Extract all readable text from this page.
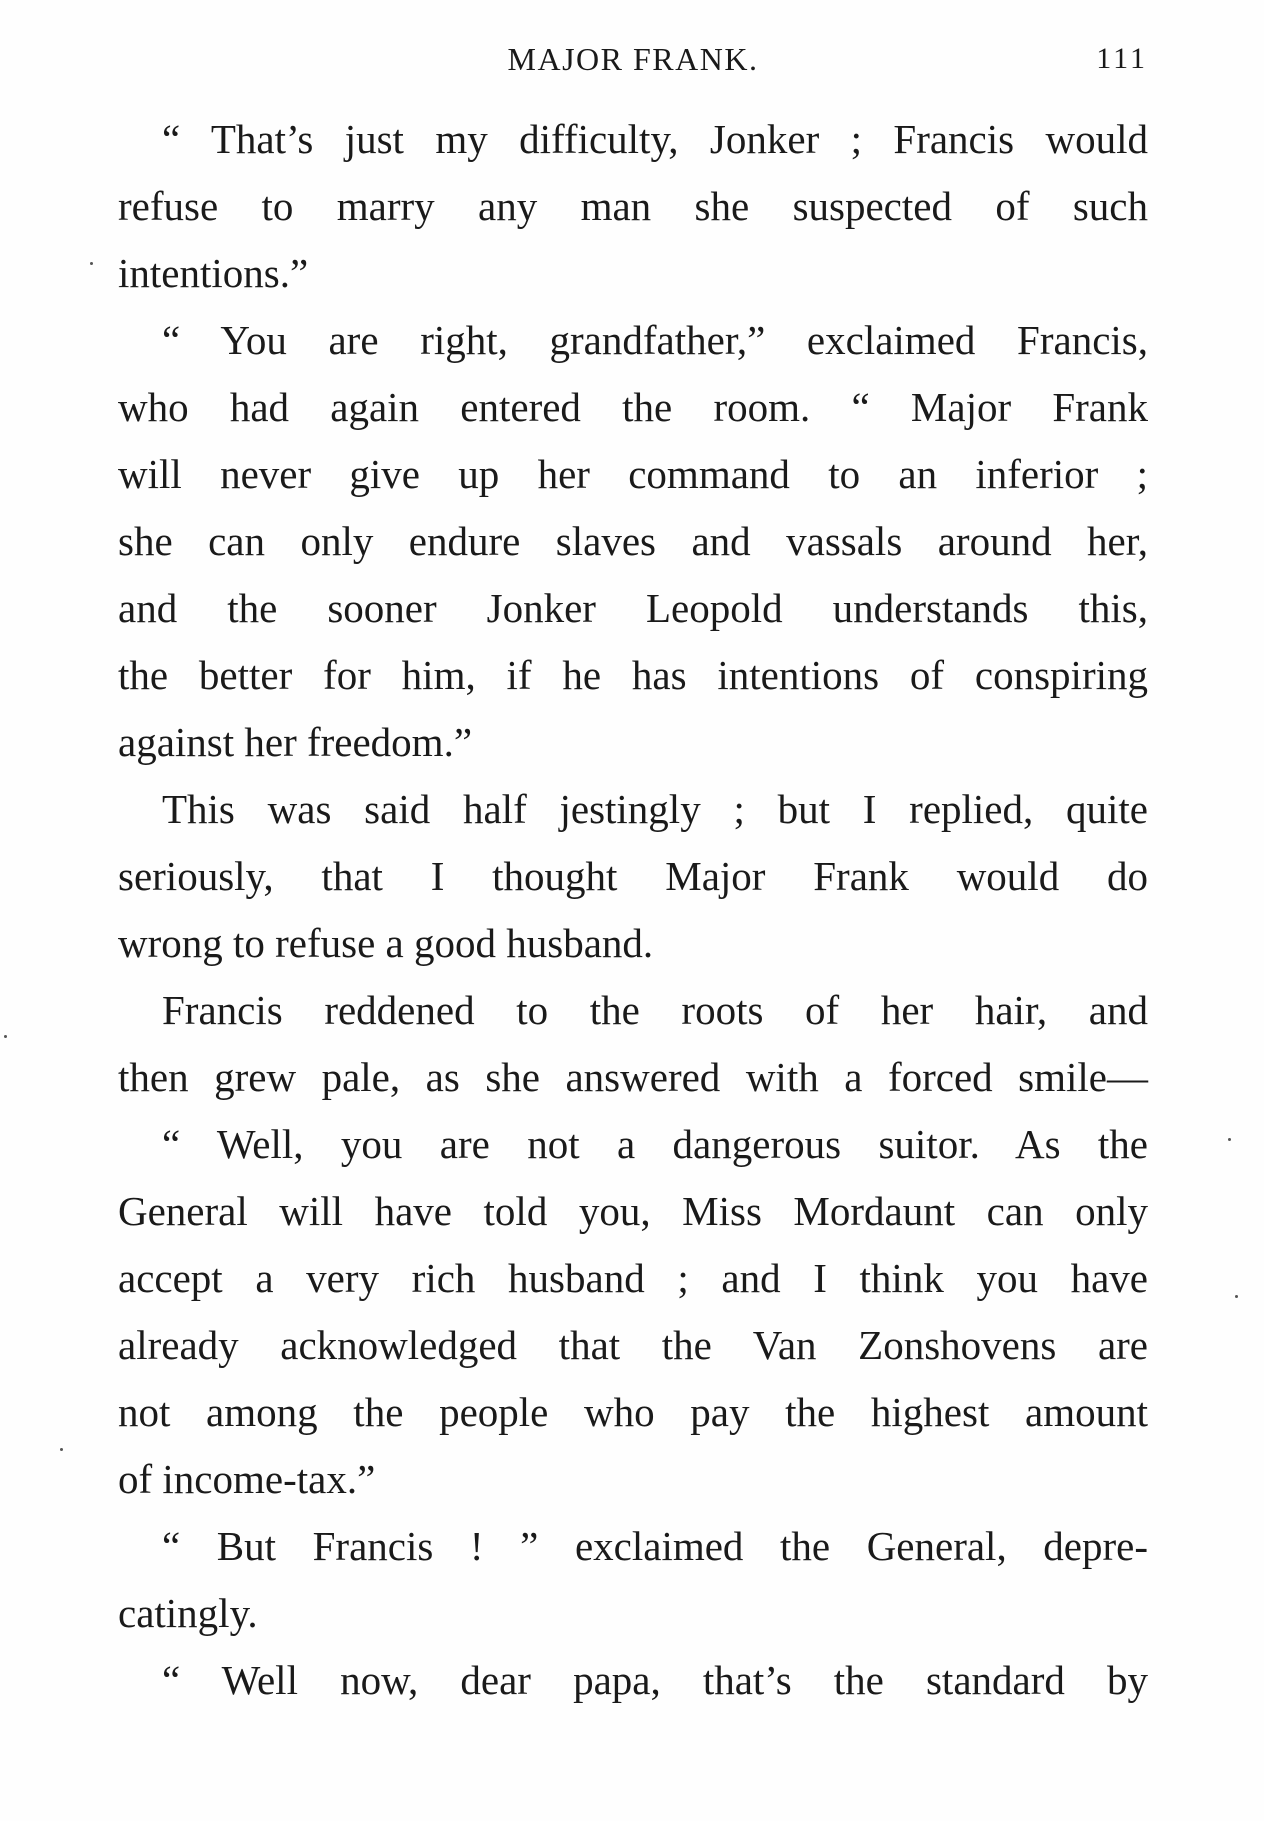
MAJOR FRANK.	111
“ That’s just my difficulty, Jonker ; Francis would
refuse to marry any man she suspected of such
intentions.”
“ You are right, grandfather,” exclaimed Francis,
who had again entered the room. “ Major Frank
will never give up her command to an inferior ;
she can only endure slaves and vassals around her,
and the sooner Jonker Leopold understands this,
the better for him, if he has intentions of conspiring
against her freedom.”
This was said half jestingly ; but I replied, quite
seriously, that I thought Major Frank would do
wrong to refuse a good husband.
Francis reddened to the roots of her hair, and
then grew pale, as she answered with a forced smile—
“ Well, you are not a dangerous suitor. As the
General will have told you, Miss Mordaunt can only
accept a very rich husband ; and I think you have
already acknowledged that the Van Zonshovens are
not among the people who pay the highest amount
of income-tax.”
“ But Francis ! ” exclaimed the General, depre-
catingly.
“ Well now, dear papa, that’s the standard by
